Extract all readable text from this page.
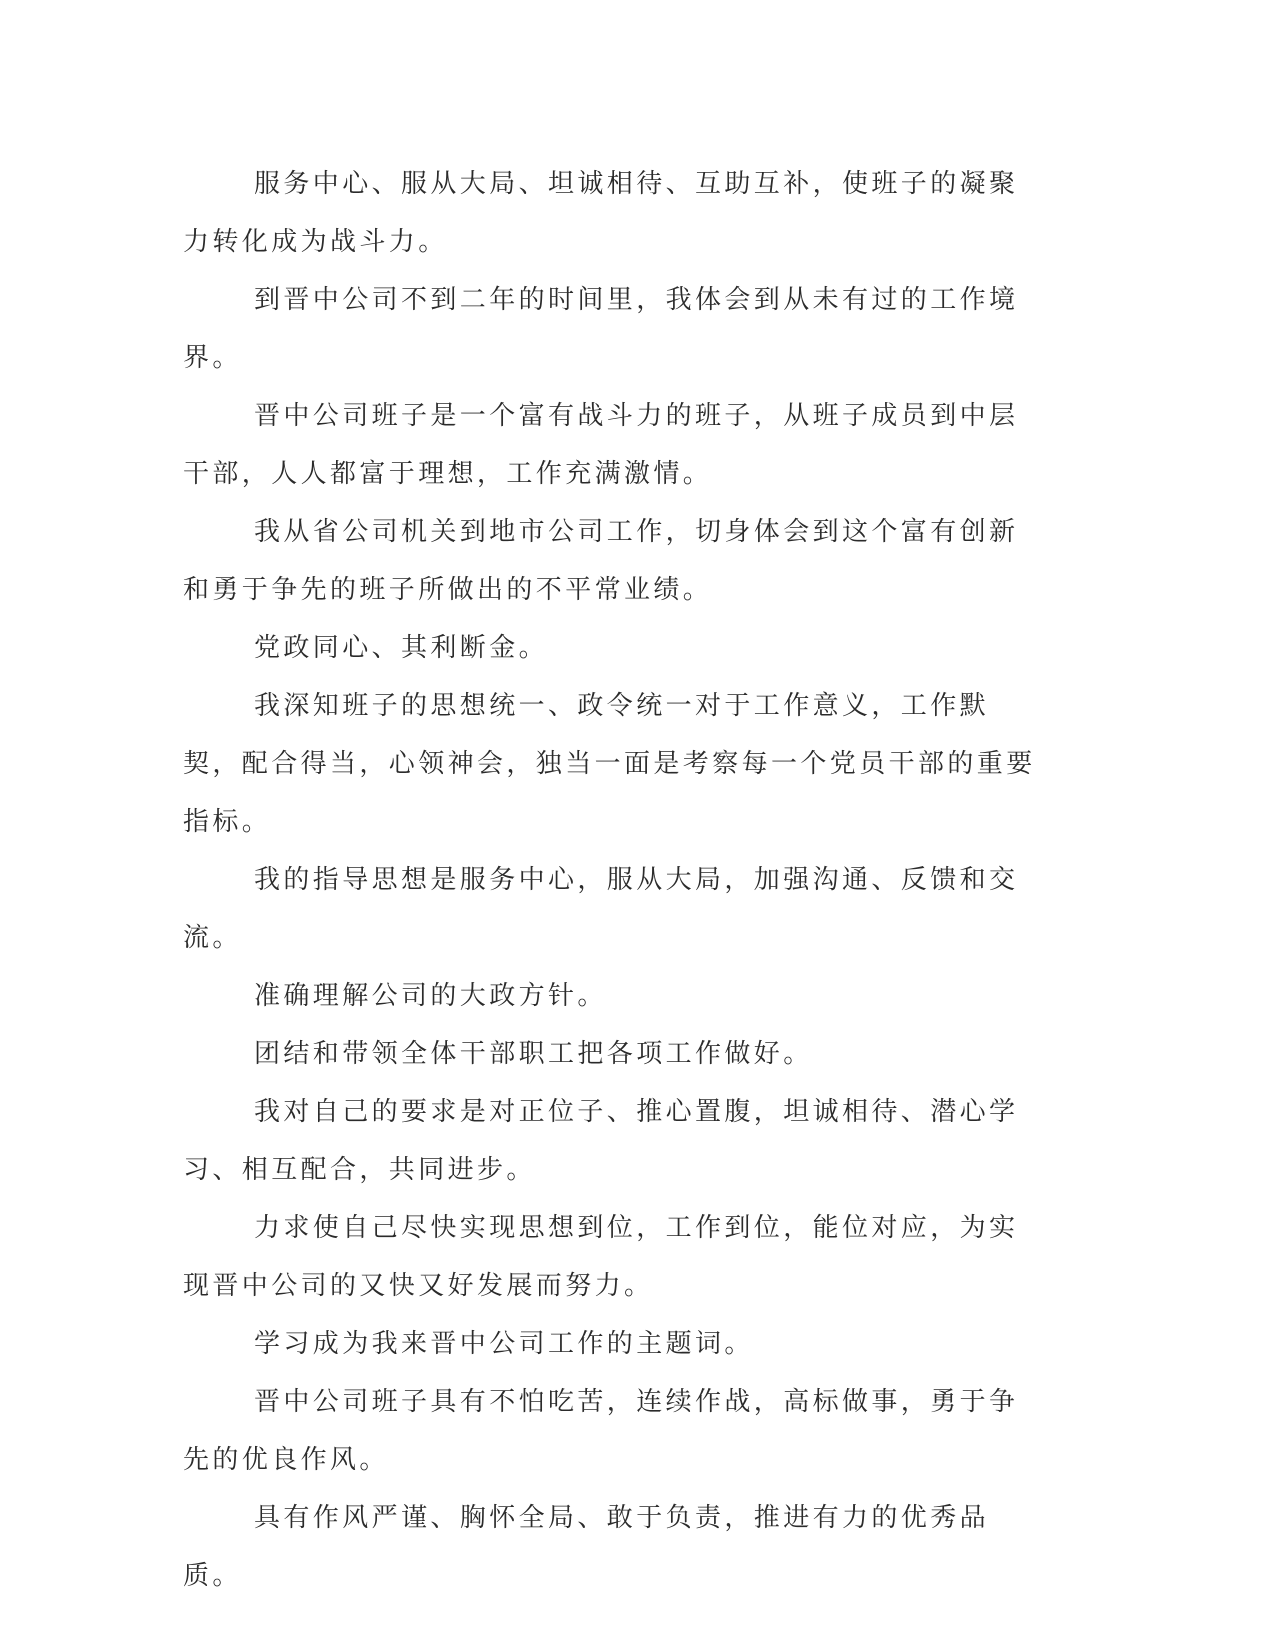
服务中心、服从大局、坦诚相待、互助互补，使班子的凝聚力转化成为战斗力。

到晋中公司不到二年的时间里，我体会到从未有过的工作境界。

晋中公司班子是一个富有战斗力的班子，从班子成员到中层干部，人人都富于理想，工作充满激情。

我从省公司机关到地市公司工作，切身体会到这个富有创新和勇于争先的班子所做出的不平常业绩。

党政同心、其利断金。

我深知班子的思想统一、政令统一对于工作意义，工作默契，配合得当，心领神会，独当一面是考察每一个党员干部的重要指标。

我的指导思想是服务中心，服从大局，加强沟通、反馈和交流。

准确理解公司的大政方针。

团结和带领全体干部职工把各项工作做好。

我对自己的要求是对正位子、推心置腹，坦诚相待、潜心学习、相互配合，共同进步。

力求使自己尽快实现思想到位，工作到位，能位对应，为实现晋中公司的又快又好发展而努力。

学习成为我来晋中公司工作的主题词。

晋中公司班子具有不怕吃苦，连续作战，高标做事，勇于争先的优良作风。

具有作风严谨、胸怀全局、敢于负责，推进有力的优秀品质。
